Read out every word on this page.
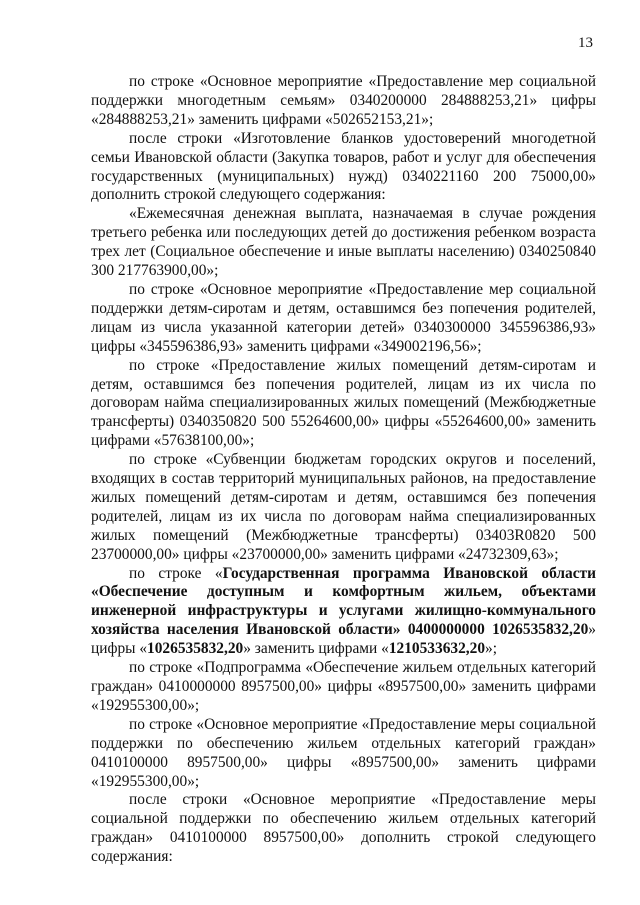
13

по строке «Основное мероприятие «Предоставление мер социальной поддержки многодетным семьям» 0340200000 284888253,21» цифры «284888253,21» заменить цифрами «502652153,21»;

после строки «Изготовление бланков удостоверений многодетной семьи Ивановской области (Закупка товаров, работ и услуг для обеспечения государственных (муниципальных) нужд) 0340221160 200 75000,00» дополнить строкой следующего содержания:

«Ежемесячная денежная выплата, назначаемая в случае рождения третьего ребенка или последующих детей до достижения ребенком возраста трех лет (Социальное обеспечение и иные выплаты населению) 0340250840 300 217763900,00»;

по строке «Основное мероприятие «Предоставление мер социальной поддержки детям-сиротам и детям, оставшимся без попечения родителей, лицам из числа указанной категории детей» 0340300000 345596386,93» цифры «345596386,93» заменить цифрами «349002196,56»;

по строке «Предоставление жилых помещений детям-сиротам и детям, оставшимся без попечения родителей, лицам из их числа по договорам найма специализированных жилых помещений (Межбюджетные трансферты) 0340350820 500 55264600,00» цифры «55264600,00» заменить цифрами «57638100,00»;

по строке «Субвенции бюджетам городских округов и поселений, входящих в состав территорий муниципальных районов, на предоставление жилых помещений детям-сиротам и детям, оставшимся без попечения родителей, лицам из их числа по договорам найма специализированных жилых помещений (Межбюджетные трансферты) 03403R0820 500 23700000,00» цифры «23700000,00» заменить цифрами «24732309,63»;

по строке «Государственная программа Ивановской области «Обеспечение доступным и комфортным жильем, объектами инженерной инфраструктуры и услугами жилищно-коммунального хозяйства населения Ивановской области» 0400000000 1026535832,20» цифры «1026535832,20» заменить цифрами «1210533632,20»;

по строке «Подпрограмма «Обеспечение жильем отдельных категорий граждан» 0410000000 8957500,00» цифры «8957500,00» заменить цифрами «192955300,00»;

по строке «Основное мероприятие «Предоставление меры социальной поддержки по обеспечению жильем отдельных категорий граждан» 0410100000 8957500,00» цифры «8957500,00» заменить цифрами «192955300,00»;

после строки «Основное мероприятие «Предоставление меры социальной поддержки по обеспечению жильем отдельных категорий граждан» 0410100000 8957500,00» дополнить строкой следующего содержания:
